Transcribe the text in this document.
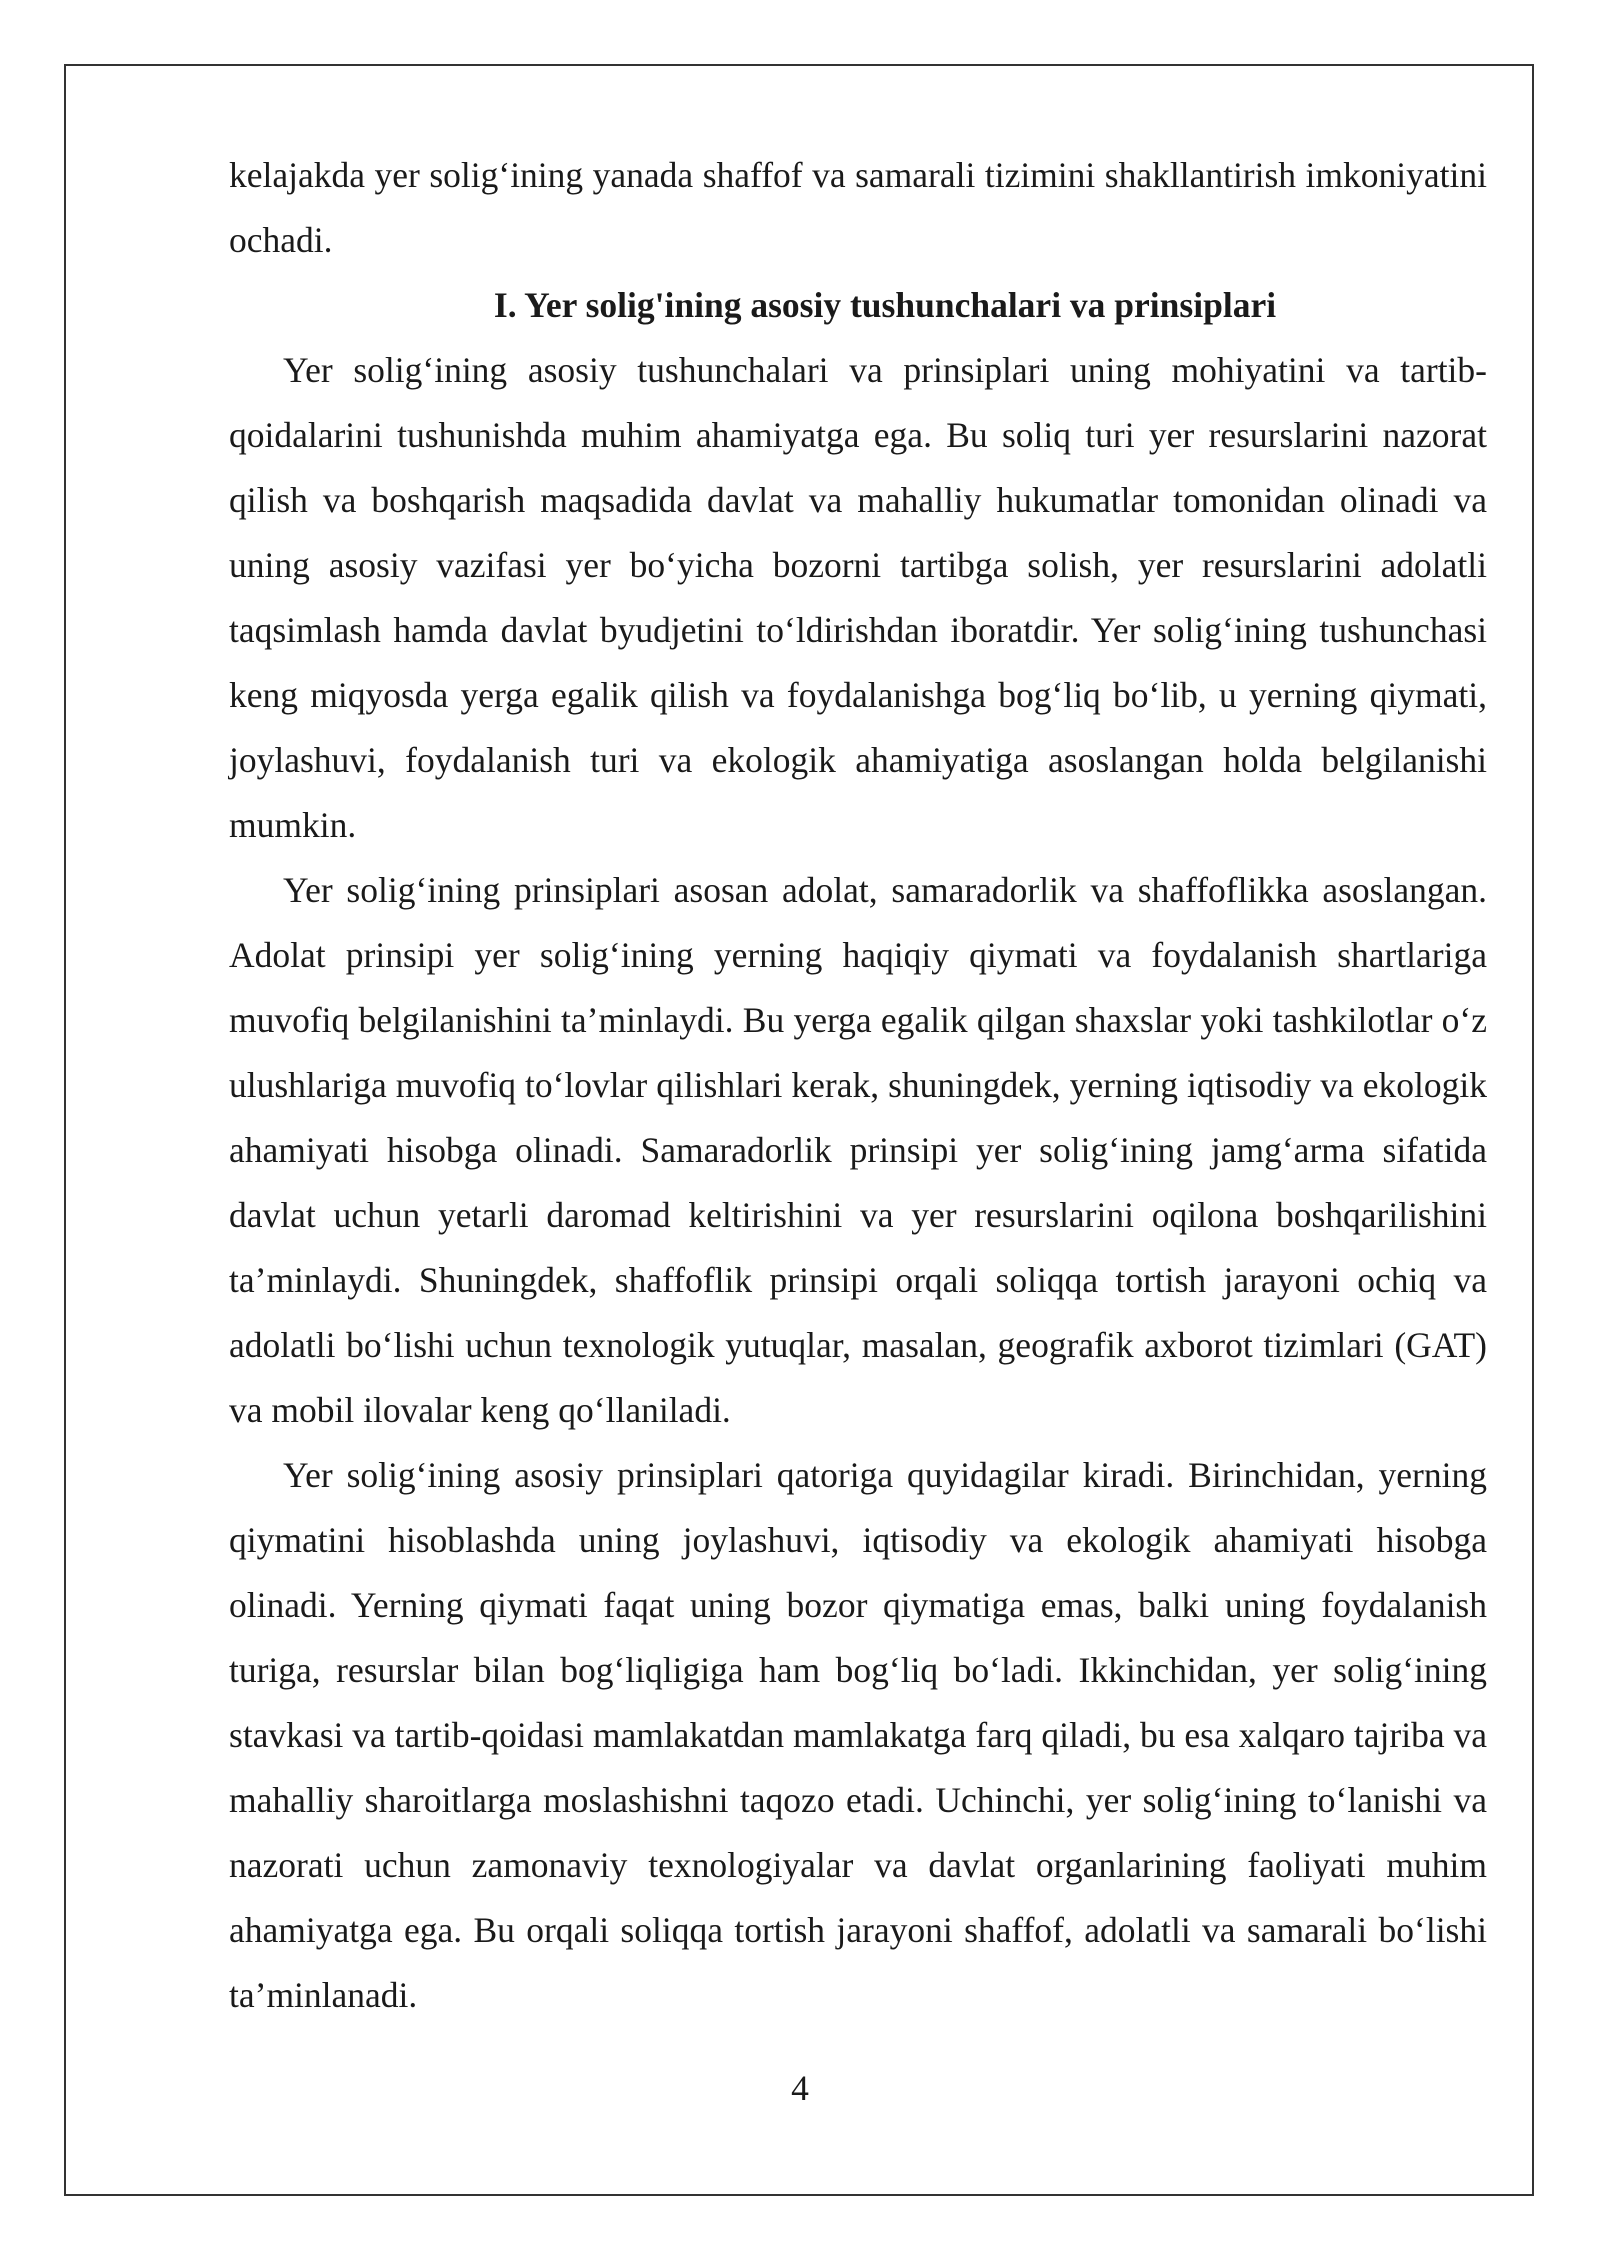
kelajakda yer solig‘ining yanada shaffof va samarali tizimini shakllantirish imkoniyatini ochadi.

I. Yer solig'ining asosiy tushunchalari va prinsiplari

Yer solig‘ining asosiy tushunchalari va prinsiplari uning mohiyatini va tartib-qoidalarini tushunishda muhim ahamiyatga ega. Bu soliq turi yer resurslarini nazorat qilish va boshqarish maqsadida davlat va mahalliy hukumatlar tomonidan olinadi va uning asosiy vazifasi yer bo‘yicha bozorni tartibga solish, yer resurslarini adolatli taqsimlash hamda davlat byudjetini to‘ldirishdan iboratdir. Yer solig‘ining tushunchasi keng miqyosda yerga egalik qilish va foydalanishga bog‘liq bo‘lib, u yerning qiymati, joylashuvi, foydalanish turi va ekologik ahamiyatiga asoslangan holda belgilanishi mumkin.

Yer solig‘ining prinsiplari asosan adolat, samaradorlik va shaffoflikka asoslangan. Adolat prinsipi yer solig‘ining yerning haqiqiy qiymati va foydalanish shartlariga muvofiq belgilanishini ta’minlaydi. Bu yerga egalik qilgan shaxslar yoki tashkilotlar o‘z ulushlariga muvofiq to‘lovlar qilishlari kerak, shuningdek, yerning iqtisodiy va ekologik ahamiyati hisobga olinadi. Samaradorlik prinsipi yer solig‘ining jamg‘arma sifatida davlat uchun yetarli daromad keltirishini va yer resurslarini oqilona boshqarilishini ta’minlaydi. Shuningdek, shaffoflik prinsipi orqali soliqqa tortish jarayoni ochiq va adolatli bo‘lishi uchun texnologik yutuqlar, masalan, geografik axborot tizimlari (GAT) va mobil ilovalar keng qo‘llaniladi.

Yer solig‘ining asosiy prinsiplari qatoriga quyidagilar kiradi. Birinchidan, yerning qiymatini hisoblashda uning joylashuvi, iqtisodiy va ekologik ahamiyati hisobga olinadi. Yerning qiymati faqat uning bozor qiymatiga emas, balki uning foydalanish turiga, resurslar bilan bog‘liqligiga ham bog‘liq bo‘ladi. Ikkinchidan, yer solig‘ining stavkasi va tartib-qoidasi mamlakatdan mamlakatga farq qiladi, bu esa xalqaro tajriba va mahalliy sharoitlarga moslashishni taqozo etadi. Uchinchi, yer solig‘ining to‘lanishi va nazorati uchun zamonaviy texnologiyalar va davlat organlarining faoliyati muhim ahamiyatga ega. Bu orqali soliqqa tortish jarayoni shaffof, adolatli va samarali bo‘lishi ta’minlanadi.

4
